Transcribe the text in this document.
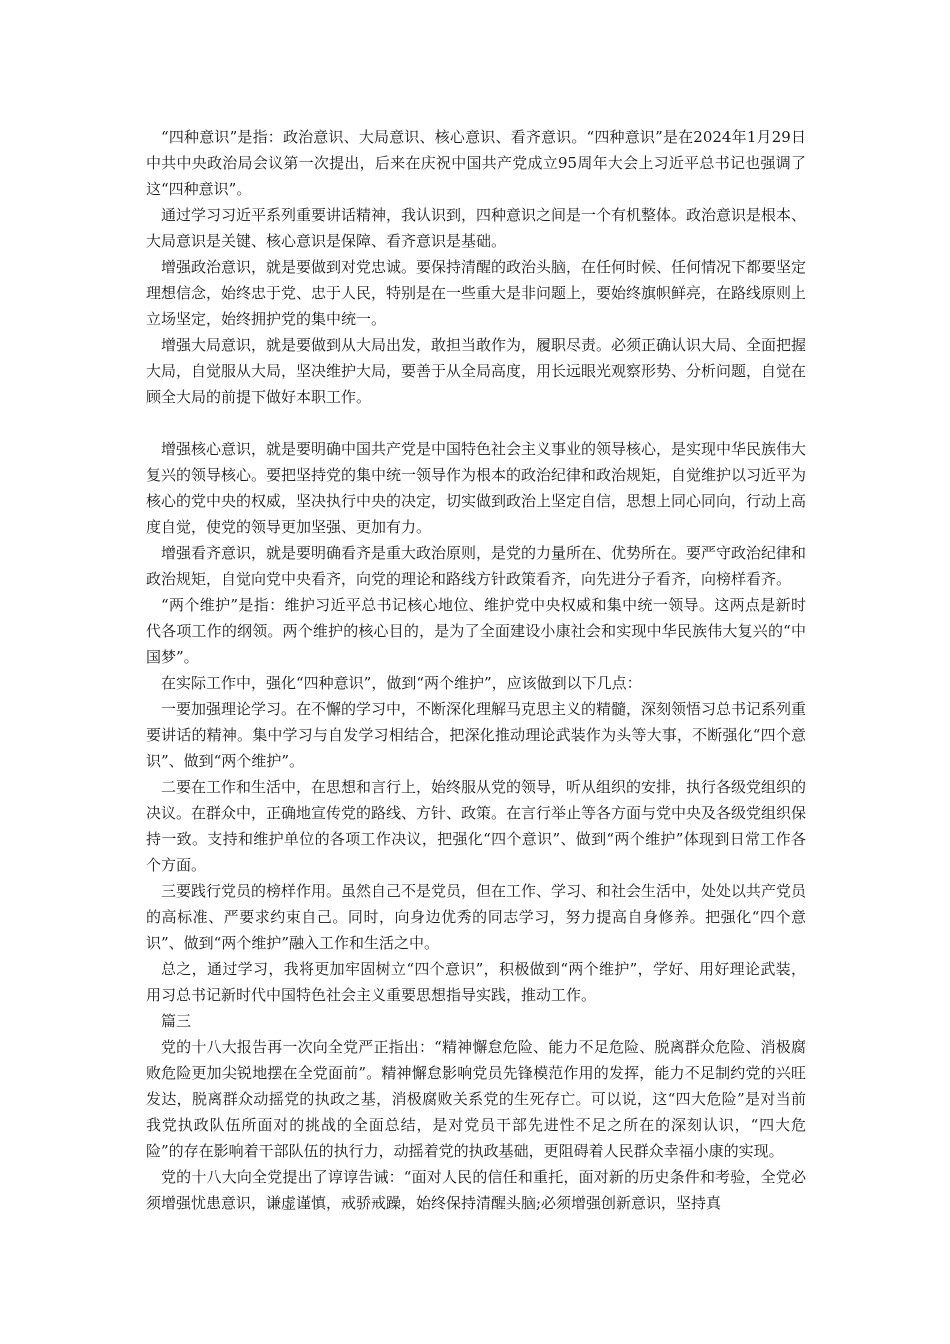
“四种意识”是指：政治意识、大局意识、核心意识、看齐意识。“四种意识”是在2024年1月29日中共中央政治局会议第一次提出，后来在庆祝中国共产党成立95周年大会上习近平总书记也强调了这“四种意识”。

通过学习习近平系列重要讲话精神，我认识到，四种意识之间是一个有机整体。政治意识是根本、大局意识是关键、核心意识是保障、看齐意识是基础。

增强政治意识，就是要做到对党忠诚。要保持清醒的政治头脑，在任何时候、任何情况下都要坚定理想信念，始终忠于党、忠于人民，特别是在一些重大是非问题上，要始终旗帜鲜亮，在路线原则上立场坚定，始终拥护党的集中统一。

增强大局意识，就是要做到从大局出发，敢担当敢作为，履职尽责。必须正确认识大局、全面把握大局，自觉服从大局，坚决维护大局，要善于从全局高度，用长远眼光观察形势、分析问题，自觉在顾全大局的前提下做好本职工作。

增强核心意识，就是要明确中国共产党是中国特色社会主义事业的领导核心，是实现中华民族伟大复兴的领导核心。要把坚持党的集中统一领导作为根本的政治纪律和政治规矩，自觉维护以习近平为核心的党中央的权威，坚决执行中央的决定，切实做到政治上坚定自信，思想上同心同向，行动上高度自觉，使党的领导更加坚强、更加有力。

增强看齐意识，就是要明确看齐是重大政治原则，是党的力量所在、优势所在。要严守政治纪律和政治规矩，自觉向党中央看齐，向党的理论和路线方针政策看齐，向先进分子看齐，向榜样看齐。

“两个维护”是指：维护习近平总书记核心地位、维护党中央权威和集中统一领导。这两点是新时代各项工作的纲领。两个维护的核心目的，是为了全面建设小康社会和实现中华民族伟大复兴的“中国梦”。

在实际工作中，强化“四种意识”，做到“两个维护”，应该做到以下几点：

一要加强理论学习。在不懈的学习中，不断深化理解马克思主义的精髓，深刻领悟习总书记系列重要讲话的精神。集中学习与自发学习相结合，把深化推动理论武装作为头等大事，不断强化“四个意识”、做到“两个维护”。

二要在工作和生活中，在思想和言行上，始终服从党的领导，听从组织的安排，执行各级党组织的决议。在群众中，正确地宣传党的路线、方针、政策。在言行举止等各方面与党中央及各级党组织保持一致。支持和维护单位的各项工作决议，把强化“四个意识”、做到“两个维护”体现到日常工作各个方面。

三要践行党员的榜样作用。虽然自己不是党员，但在工作、学习、和社会生活中，处处以共产党员的高标准、严要求约束自己。同时，向身边优秀的同志学习，努力提高自身修养。把强化“四个意识”、做到“两个维护”融入工作和生活之中。

总之，通过学习，我将更加牢固树立“四个意识”，积极做到“两个维护”，学好、用好理论武装，用习总书记新时代中国特色社会主义重要思想指导实践，推动工作。

篇三

党的十八大报告再一次向全党严正指出：“精神懈怠危险、能力不足危险、脱离群众危险、消极腐败危险更加尖锐地摆在全党面前”。精神懈怠影响党员先锋模范作用的发挥，能力不足制约党的兴旺发达，脱离群众动摇党的执政之基，消极腐败关系党的生死存亡。可以说，这“四大危险”是对当前我党执政队伍所面对的挑战的全面总结，是对党员干部先进性不足之所在的深刻认识，“四大危险”的存在影响着干部队伍的执行力，动摇着党的执政基础，更阻碍着人民群众幸福小康的实现。

党的十八大向全党提出了谆谆告诫：“面对人民的信任和重托，面对新的历史条件和考验，全党必须增强忧患意识，谦虚谨慎，戒骄戒躁，始终保持清醒头脑;必须增强创新意识，坚持真
